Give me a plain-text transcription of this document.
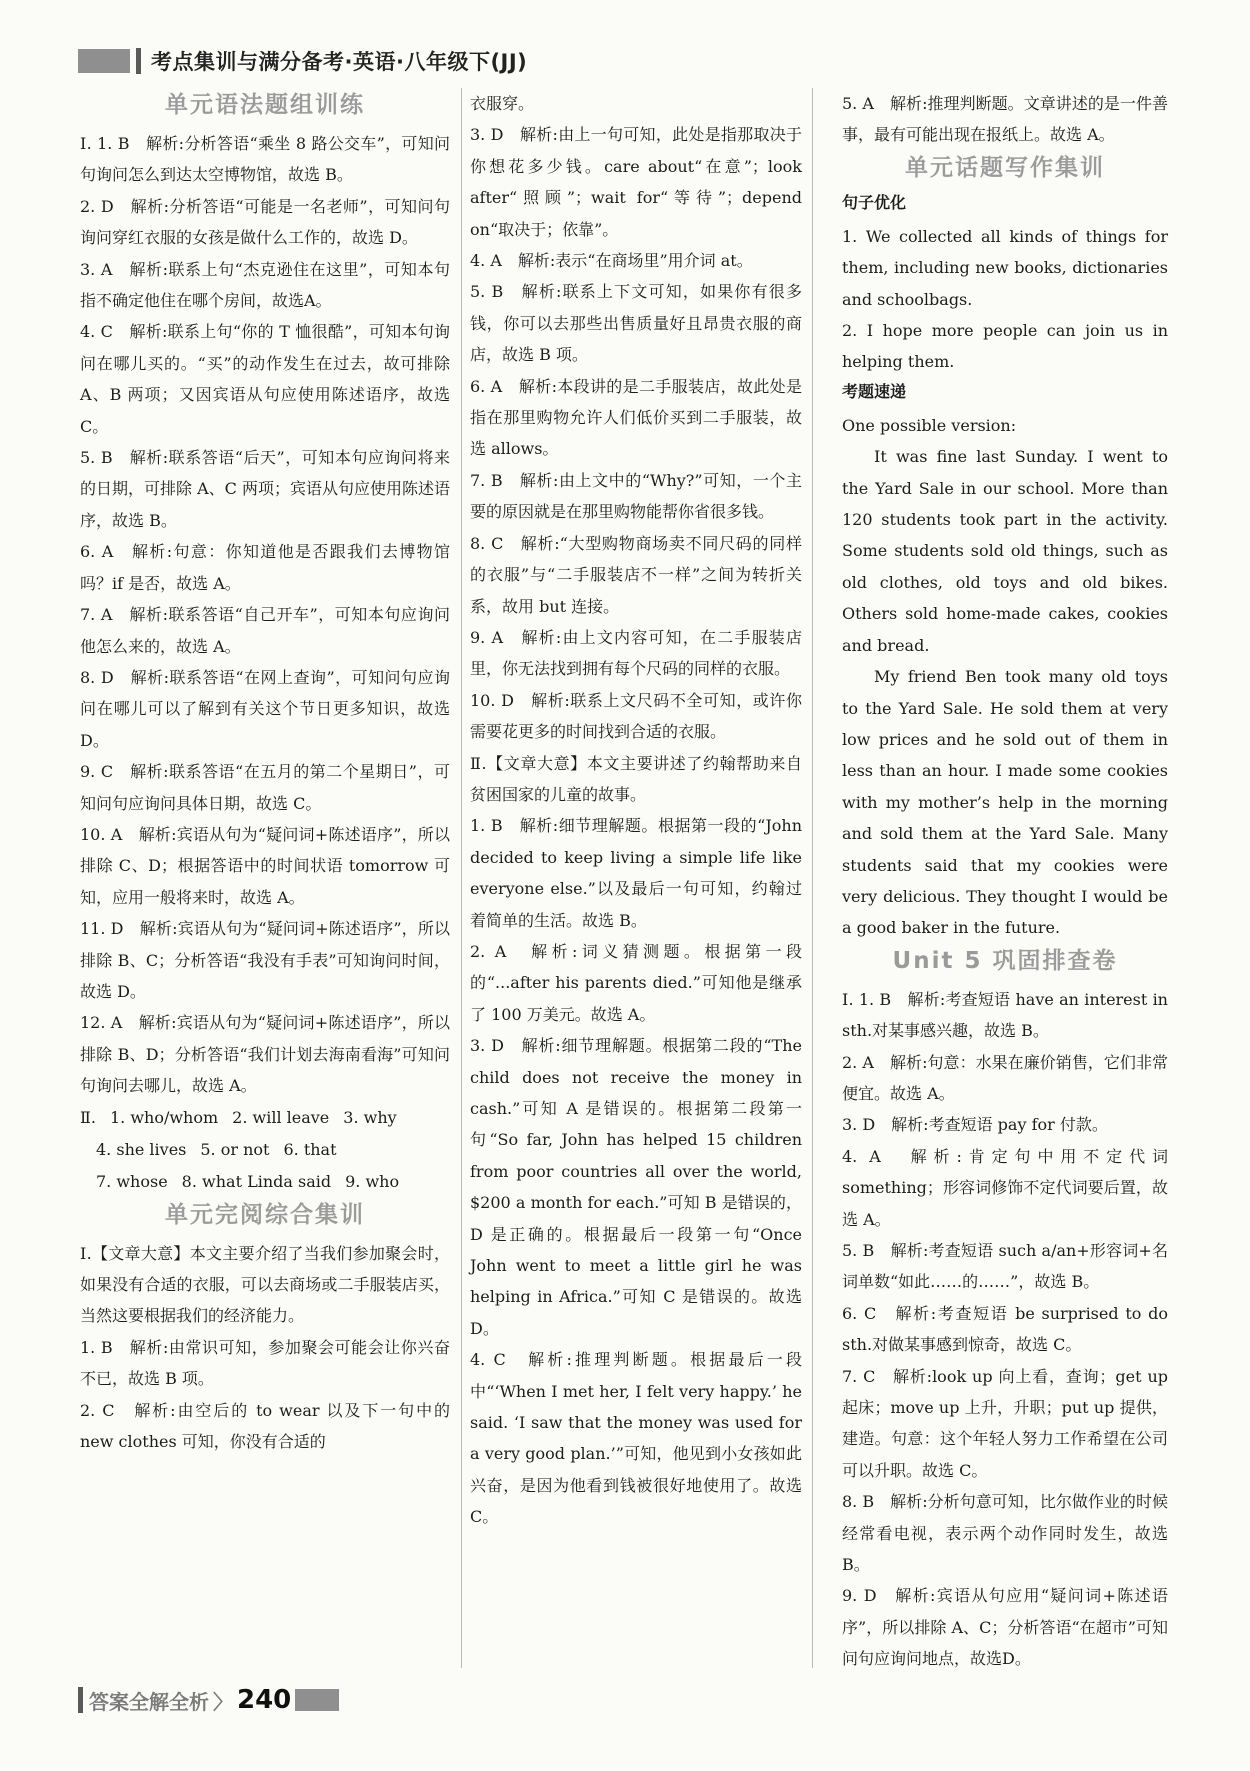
考点集训与满分备考·英语·八年级下(JJ)
单元语法题组训练

Ⅰ. 1. B　解析:分析答语“乘坐 8 路公交车”，可知问句询问怎么到达太空博物馆，故选 B。

2. D　解析:分析答语“可能是一名老师”，可知问句询问穿红衣服的女孩是做什么工作的，故选 D。

3. A　解析:联系上句“杰克逊住在这里”，可知本句指不确定他住在哪个房间，故选A。

4. C　解析:联系上句“你的 T 恤很酷”，可知本句询问在哪儿买的。“买”的动作发生在过去，故可排除 A、B 两项；又因宾语从句应使用陈述语序，故选C。

5. B　解析:联系答语“后天”，可知本句应询问将来的日期，可排除 A、C 两项；宾语从句应使用陈述语序，故选 B。

6. A　解析:句意：你知道他是否跟我们去博物馆吗？if 是否，故选 A。

7. A　解析:联系答语“自己开车”，可知本句应询问他怎么来的，故选 A。

8. D　解析:联系答语“在网上查询”，可知问句应询问在哪儿可以了解到有关这个节日更多知识，故选 D。

9. C　解析:联系答语“在五月的第二个星期日”，可知问句应询问具体日期，故选 C。

10. A　解析:宾语从句为“疑问词+陈述语序”，所以排除 C、D；根据答语中的时间状语 tomorrow 可知，应用一般将来时，故选 A。

11. D　解析:宾语从句为“疑问词+陈述语序”，所以排除 B、C；分析答语“我没有手表”可知询问时间，故选 D。

12. A　解析:宾语从句为“疑问词+陈述语序”，所以排除 B、D；分析答语“我们计划去海南看海”可知问句询问去哪儿，故选 A。

Ⅱ. 1. who/whom 2. will leave 3. why
4. she lives 5. or not 6. that
7. whose 8. what Linda said 9. who
单元完阅综合集训

Ⅰ.【文章大意】本文主要介绍了当我们参加聚会时，如果没有合适的衣服，可以去商场或二手服装店买，当然这要根据我们的经济能力。

1. B　解析:由常识可知，参加聚会可能会让你兴奋不已，故选 B 项。

2. C　解析:由空后的 to wear 以及下一句中的 new clothes 可知，你没有合适的

衣服穿。

3. D　解析:由上一句可知，此处是指那取决于你想花多少钱。care about“在意”；look after“照顾”；wait for“等待”；depend on“取决于；依靠”。

4. A　解析:表示“在商场里”用介词 at。

5. B　解析:联系上下文可知，如果你有很多钱，你可以去那些出售质量好且昂贵衣服的商店，故选 B 项。

6. A　解析:本段讲的是二手服装店，故此处是指在那里购物允许人们低价买到二手服装，故选 allows。

7. B　解析:由上文中的“Why?”可知，一个主要的原因就是在那里购物能帮你省很多钱。

8. C　解析:“大型购物商场卖不同尺码的同样的衣服”与“二手服装店不一样”之间为转折关系，故用 but 连接。

9. A　解析:由上文内容可知，在二手服装店里，你无法找到拥有每个尺码的同样的衣服。

10. D　解析:联系上文尺码不全可知，或许你需要花更多的时间找到合适的衣服。

Ⅱ.【文章大意】本文主要讲述了约翰帮助来自贫困国家的儿童的故事。

1. B　解析:细节理解题。根据第一段的“John decided to keep living a simple life like everyone else.”以及最后一句可知，约翰过着简单的生活。故选 B。

2. A　解析:词义猜测题。根据第一段的“...after his parents died.”可知他是继承了 100 万美元。故选 A。

3. D　解析:细节理解题。根据第二段的“The child does not receive the money in cash.”可知 A 是错误的。根据第二段第一句“So far, John has helped 15 children from poor countries all over the world, $200 a month for each.”可知 B 是错误的，D 是正确的。根据最后一段第一句“Once John went to meet a little girl he was helping in Africa.”可知 C 是错误的。故选 D。

4. C　解析:推理判断题。根据最后一段中“‘When I met her, I felt very happy.’ he said. ‘I saw that the money was used for a very good plan.’”可知，他见到小女孩如此兴奋，是因为他看到钱被很好地使用了。故选 C。

5. A　解析:推理判断题。文章讲述的是一件善事，最有可能出现在报纸上。故选 A。

单元话题写作集训
句子优化

1. We collected all kinds of things for them, including new books, dictionaries and schoolbags.

2. I hope more people can join us in helping them.

考题速递

One possible version:

It was fine last Sunday. I went to the Yard Sale in our school. More than 120 students took part in the activity. Some students sold old things, such as old clothes, old toys and old bikes. Others sold home-made cakes, cookies and bread.

My friend Ben took many old toys to the Yard Sale. He sold them at very low prices and he sold out of them in less than an hour. I made some cookies with my mother’s help in the morning and sold them at the Yard Sale. Many students said that my cookies were very delicious. They thought I would be a good baker in the future.

Unit 5 巩固排查卷

Ⅰ. 1. B　解析:考查短语 have an interest in sth.对某事感兴趣，故选 B。

2. A　解析:句意：水果在廉价销售，它们非常便宜。故选 A。

3. D　解析:考查短语 pay for 付款。

4. A　解析:肯定句中用不定代词 something；形容词修饰不定代词要后置，故选 A。

5. B　解析:考查短语 such a/an+形容词+名词单数“如此……的……”，故选 B。

6. C　解析:考查短语 be surprised to do sth.对做某事感到惊奇，故选 C。

7. C　解析:look up 向上看，查询；get up 起床；move up 上升，升职；put up 提供，建造。句意：这个年轻人努力工作希望在公司可以升职。故选 C。

8. B　解析:分析句意可知，比尔做作业的时候经常看电视，表示两个动作同时发生，故选 B。

9. D　解析:宾语从句应用“疑问词+陈述语序”，所以排除 A、C；分析答语“在超市”可知问句应询问地点，故选D。

答案全解全析 〉 240
